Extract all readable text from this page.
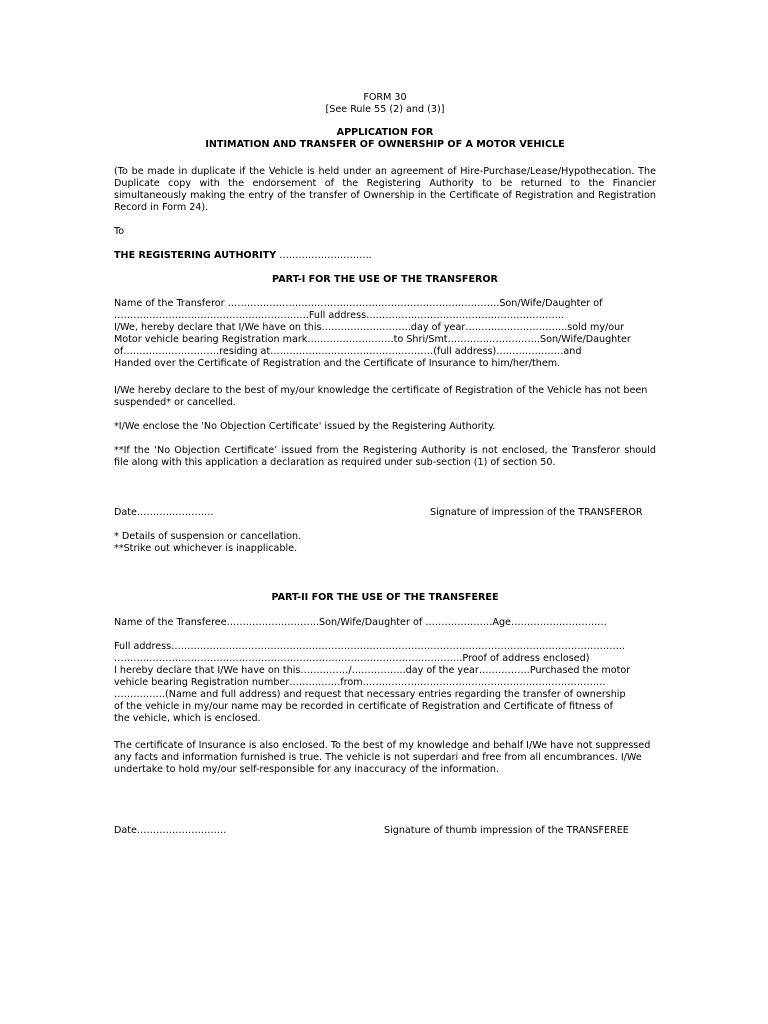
FORM 30

[See Rule 55 (2) and (3)]

APPLICATION FOR

INTIMATION AND TRANSFER OF OWNERSHIP OF A MOTOR VEHICLE

(To be made in duplicate if the Vehicle is held under an agreement of Hire-Purchase/Lease/Hypothecation. The Duplicate copy with the endorsement of the Registering Authority to be returned to the Financier simultaneously making the entry of the transfer of Ownership in the Certificate of Registration and Registration Record in Form 24).

To

THE REGISTERING AUTHORITY ………………………..

PART-I FOR THE USE OF THE TRANSFEROR

Name of the Transferor ………………………………………………………………………….Son/Wife/Daughter of

…………………………………………………….Full address……………………………………………………..

I/We, hereby declare that I/We have on this……………………….day of year…………………………..sold my/our

Motor vehicle bearing Registration mark………………………to Shri/Smt………………………..Son/Wife/Daughter

of…………………………residing at……………………………………………(full address)…………………and

Handed over the Certificate of Registration and the Certificate of Insurance to him/her/them.

I/We hereby declare to the best of my/our knowledge the certificate of Registration of the Vehicle has not been suspended* or cancelled.

*I/We enclose the 'No Objection Certificate' issued by the Registering Authority.

**If the ‘No Objection Certificate’ issued from the Registering Authority is not enclosed, the Transferor should file along with this application a declaration as required under sub-section (1) of section 50.

Date……………………	Signature of impression of the TRANSFEROR

* Details of suspension or cancellation.

**Strike out whichever is inapplicable.

PART-II FOR THE USE OF THE TRANSFEREE

Name of the Transferee………………………..Son/Wife/Daughter of …………………Age…………………………

Full address…………………………………………………………………………………………………………………………….

……………………………………………………………………………………………….Proof of address enclosed)

I hereby declare that I/We have on this……………/……………..day of the year…………….Purchased the motor

vehicle bearing Registration number…………….from………………………………………………………………….

…………….(Name and full address) and request that necessary entries regarding the transfer of ownership

of the vehicle in my/our name may be recorded in certificate of Registration and Certificate of fitness of

the vehicle, which is enclosed.

The certificate of Insurance is also enclosed. To the best of my knowledge and behalf I/We have not suppressed any facts and information furnished is true. The vehicle is not superdari and free from all encumbrances. I/We undertake to hold my/our self-responsible for any inaccuracy of the information.

Date……………………….	Signature of thumb impression of the TRANSFEREE
